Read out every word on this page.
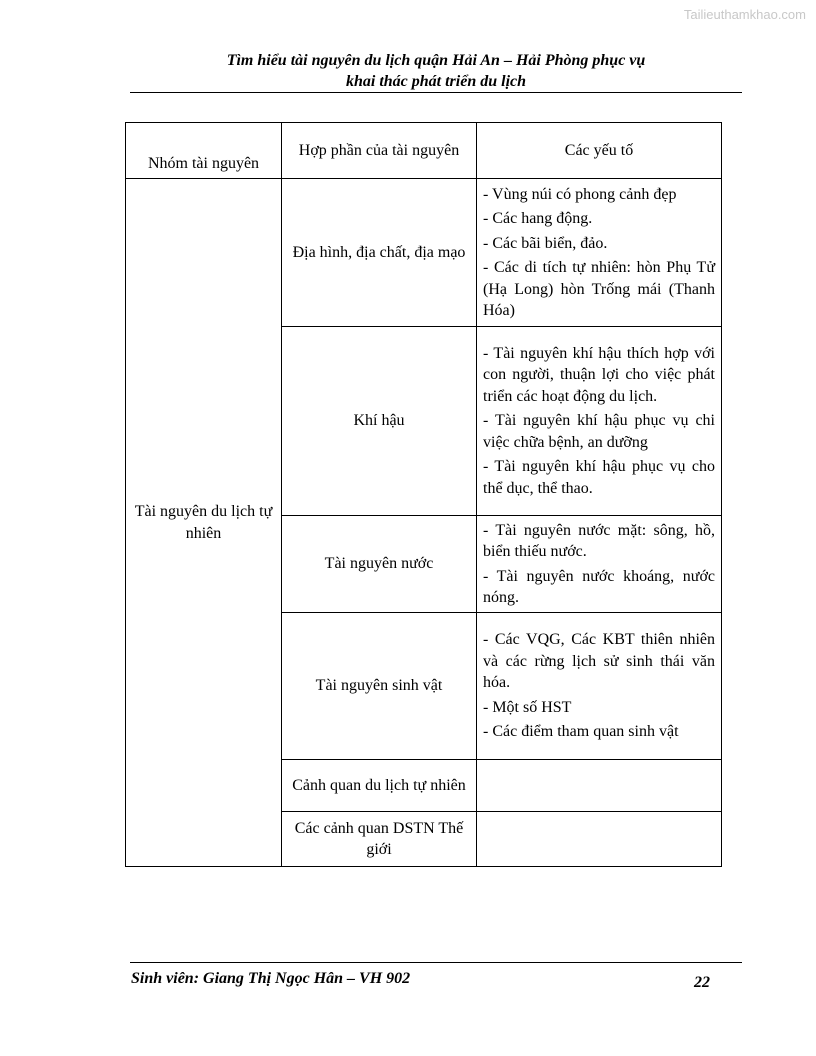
Tailieuthamkhao.com
Tìm hiểu tài nguyên du lịch quận Hải An – Hải Phòng phục vụ
khai thác phát triển du lịch
Nhóm tài nguyên	Hợp phần của tài nguyên	Các yếu tố
Tài nguyên du lịch tự nhiên	Địa hình, địa chất, địa mạo	- Vùng núi có phong cảnh đẹp

- Các hang động.

- Các bãi biển, đảo.

- Các di tích tự nhiên: hòn Phụ Tử (Hạ Long) hòn Trống mái (Thanh Hóa)

	Khí hậu	- Tài nguyên khí hậu thích hợp với con người, thuận lợi cho việc phát triển các hoạt động du lịch.

- Tài nguyên khí hậu phục vụ chi việc chữa bệnh, an dưỡng

- Tài nguyên khí hậu phục vụ cho thể dục, thể thao.

	Tài nguyên nước	- Tài nguyên nước mặt: sông, hồ, biển thiếu nước.

- Tài nguyên nước khoáng, nước nóng.

	Tài nguyên sinh vật	- Các VQG, Các KBT thiên nhiên và các rừng lịch sử sinh thái văn hóa.

- Một số HST

- Các điểm tham quan sinh vật

	Cảnh quan du lịch tự nhiên	
	Các cảnh quan DSTN Thế giới	
Sinh viên: Giang Thị Ngọc Hân – VH 902	22
